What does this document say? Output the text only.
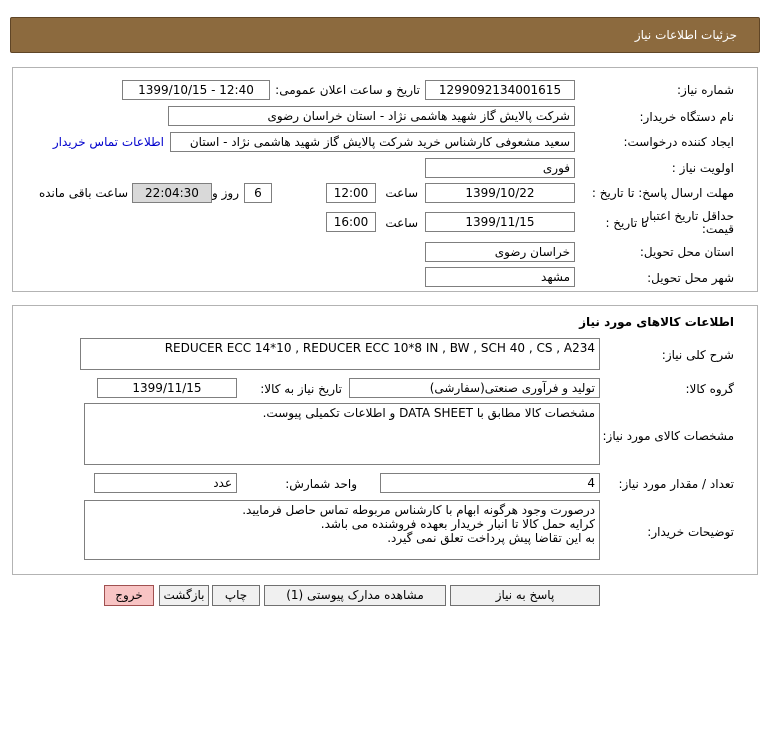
جزئیات اطلاعات نیاز
شماره نیاز:
1299092134001615
تاریخ و ساعت اعلان عمومی:
1399/10/15 - 12:40
نام دستگاه خریدار:
شرکت پالایش گاز شهید هاشمی نژاد - استان خراسان رضوی
ایجاد کننده درخواست:
سعید مشعوفی کارشناس خرید شرکت پالایش گاز شهید هاشمی نژاد - استان
اطلاعات تماس خریدار
اولویت نیاز :
فوری
مهلت ارسال پاسخ: تا تاریخ :
1399/10/22
ساعت
12:00
6
روز و
22:04:30
ساعت باقی مانده
حداقل تاریخ اعتبار
قیمت:
تا تاریخ :
1399/11/15
ساعت
16:00
استان محل تحویل:
خراسان رضوی
شهر محل تحویل:
مشهد
اطلاعات کالاهای مورد نیاز
شرح کلی نیاز:
REDUCER ECC 14*10 , REDUCER ECC 10*8 IN , BW , SCH 40 , CS , A234
گروه کالا:
تولید و فرآوری صنعتی(سفارشی)
تاریخ نیاز به کالا:
1399/11/15
مشخصات کالای مورد نیاز:
مشخصات کالا مطابق با DATA SHEET و اطلاعات تکمیلی پیوست.
تعداد / مقدار مورد نیاز:
4
واحد شمارش:
عدد
توضیحات خریدار:
درصورت وجود هرگونه ابهام با کارشناس مربوطه تماس حاصل فرمایید.
کرایه حمل کالا تا انبار خریدار بعهده فروشنده می باشد.
به این تقاضا پیش پرداخت تعلق نمی گیرد.
پاسخ به نیاز
مشاهده مدارک پیوستی (1)
چاپ
بازگشت
خروج
